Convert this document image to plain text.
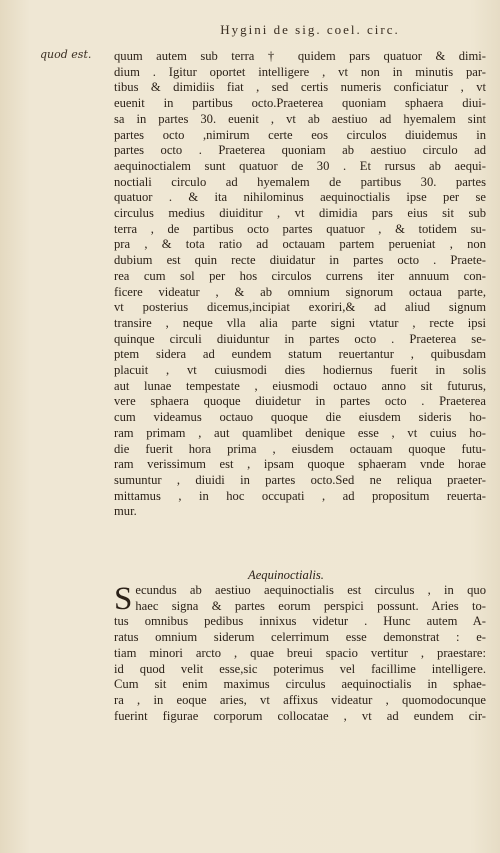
Hygini de sig. coel. circ.
quod est. quum autem sub terra † quidem pars quatuor & dimi-
dium . Igitur oportet intelligere , vt non in minutis par-
tibus & dimidiis fiat , sed certis numeris conficiatur , vt
euenit in partibus octo.Praeterea quoniam sphaera diui-
sa in partes 30. euenit , vt ab aestiuo ad hyemalem sint
partes octo ,nimirum certe eos circulos diuidemus in
partes octo . Praeterea quoniam ab aestiuo circulo ad
aequinoctialem sunt quatuor de 30 . Et rursus ab aequi-
noctiali circulo ad hyemalem de partibus 30. partes
quatuor . & ita nihilominus aequinoctialis ipse per se
circulus medius diuiditur , vt dimidia pars eius sit sub
terra , de partibus octo partes quatuor , & totidem su-
pra , & tota ratio ad octauam partem perueniat , non
dubium est quin recte diuidatur in partes octo . Praete-
rea cum sol per hos circulos currens iter annuum con-
ficere videatur , & ab omnium signorum octaua parte,
vt posterius dicemus,incipiat exoriri,& ad aliud signum
transire , neque vlla alia parte signi vtatur , recte ipsi
quinque circuli diuiduntur in partes octo . Praeterea se-
ptem sidera ad eundem statum reuertantur , quibusdam
placuit , vt cuiusmodi dies hodiernus fuerit in solis
aut lunae tempestate , eiusmodi octauo anno sit futurus,
vere sphaera quoque diuidetur in partes octo . Praeterea
cum videamus octauo quoque die eiusdem sideris ho-
ram primam , aut quamlibet denique esse , vt cuius ho-
die fuerit hora prima , eiusdem octauam quoque futu-
ram verissimum est , ipsam quoque sphaeram vnde horae
sumuntur , diuidi in partes octo.Sed ne reliqua praeter-
mittamus , in hoc occupati , ad propositum reuerta-
mur.
Aequinoctialis.
S ecundus ab aestiuo aequinoctialis est circulus , in quo
haec signa & partes eorum perspici possunt. Aries to-
tus omnibus pedibus innixus videtur . Hunc autem A-
ratus omnium siderum celerrimum esse demonstrat : e-
tiam minori arcto , quae breui spacio vertitur , praestare:
id quod velit esse,sic poterimus vel facillime intelligere.
Cum sit enim maximus circulus aequinoctialis in sphae-
ra , in eoque aries, vt affixus videatur , quomodocunque
fuerint figurae corporum collocatae , vt ad eundem cir-
